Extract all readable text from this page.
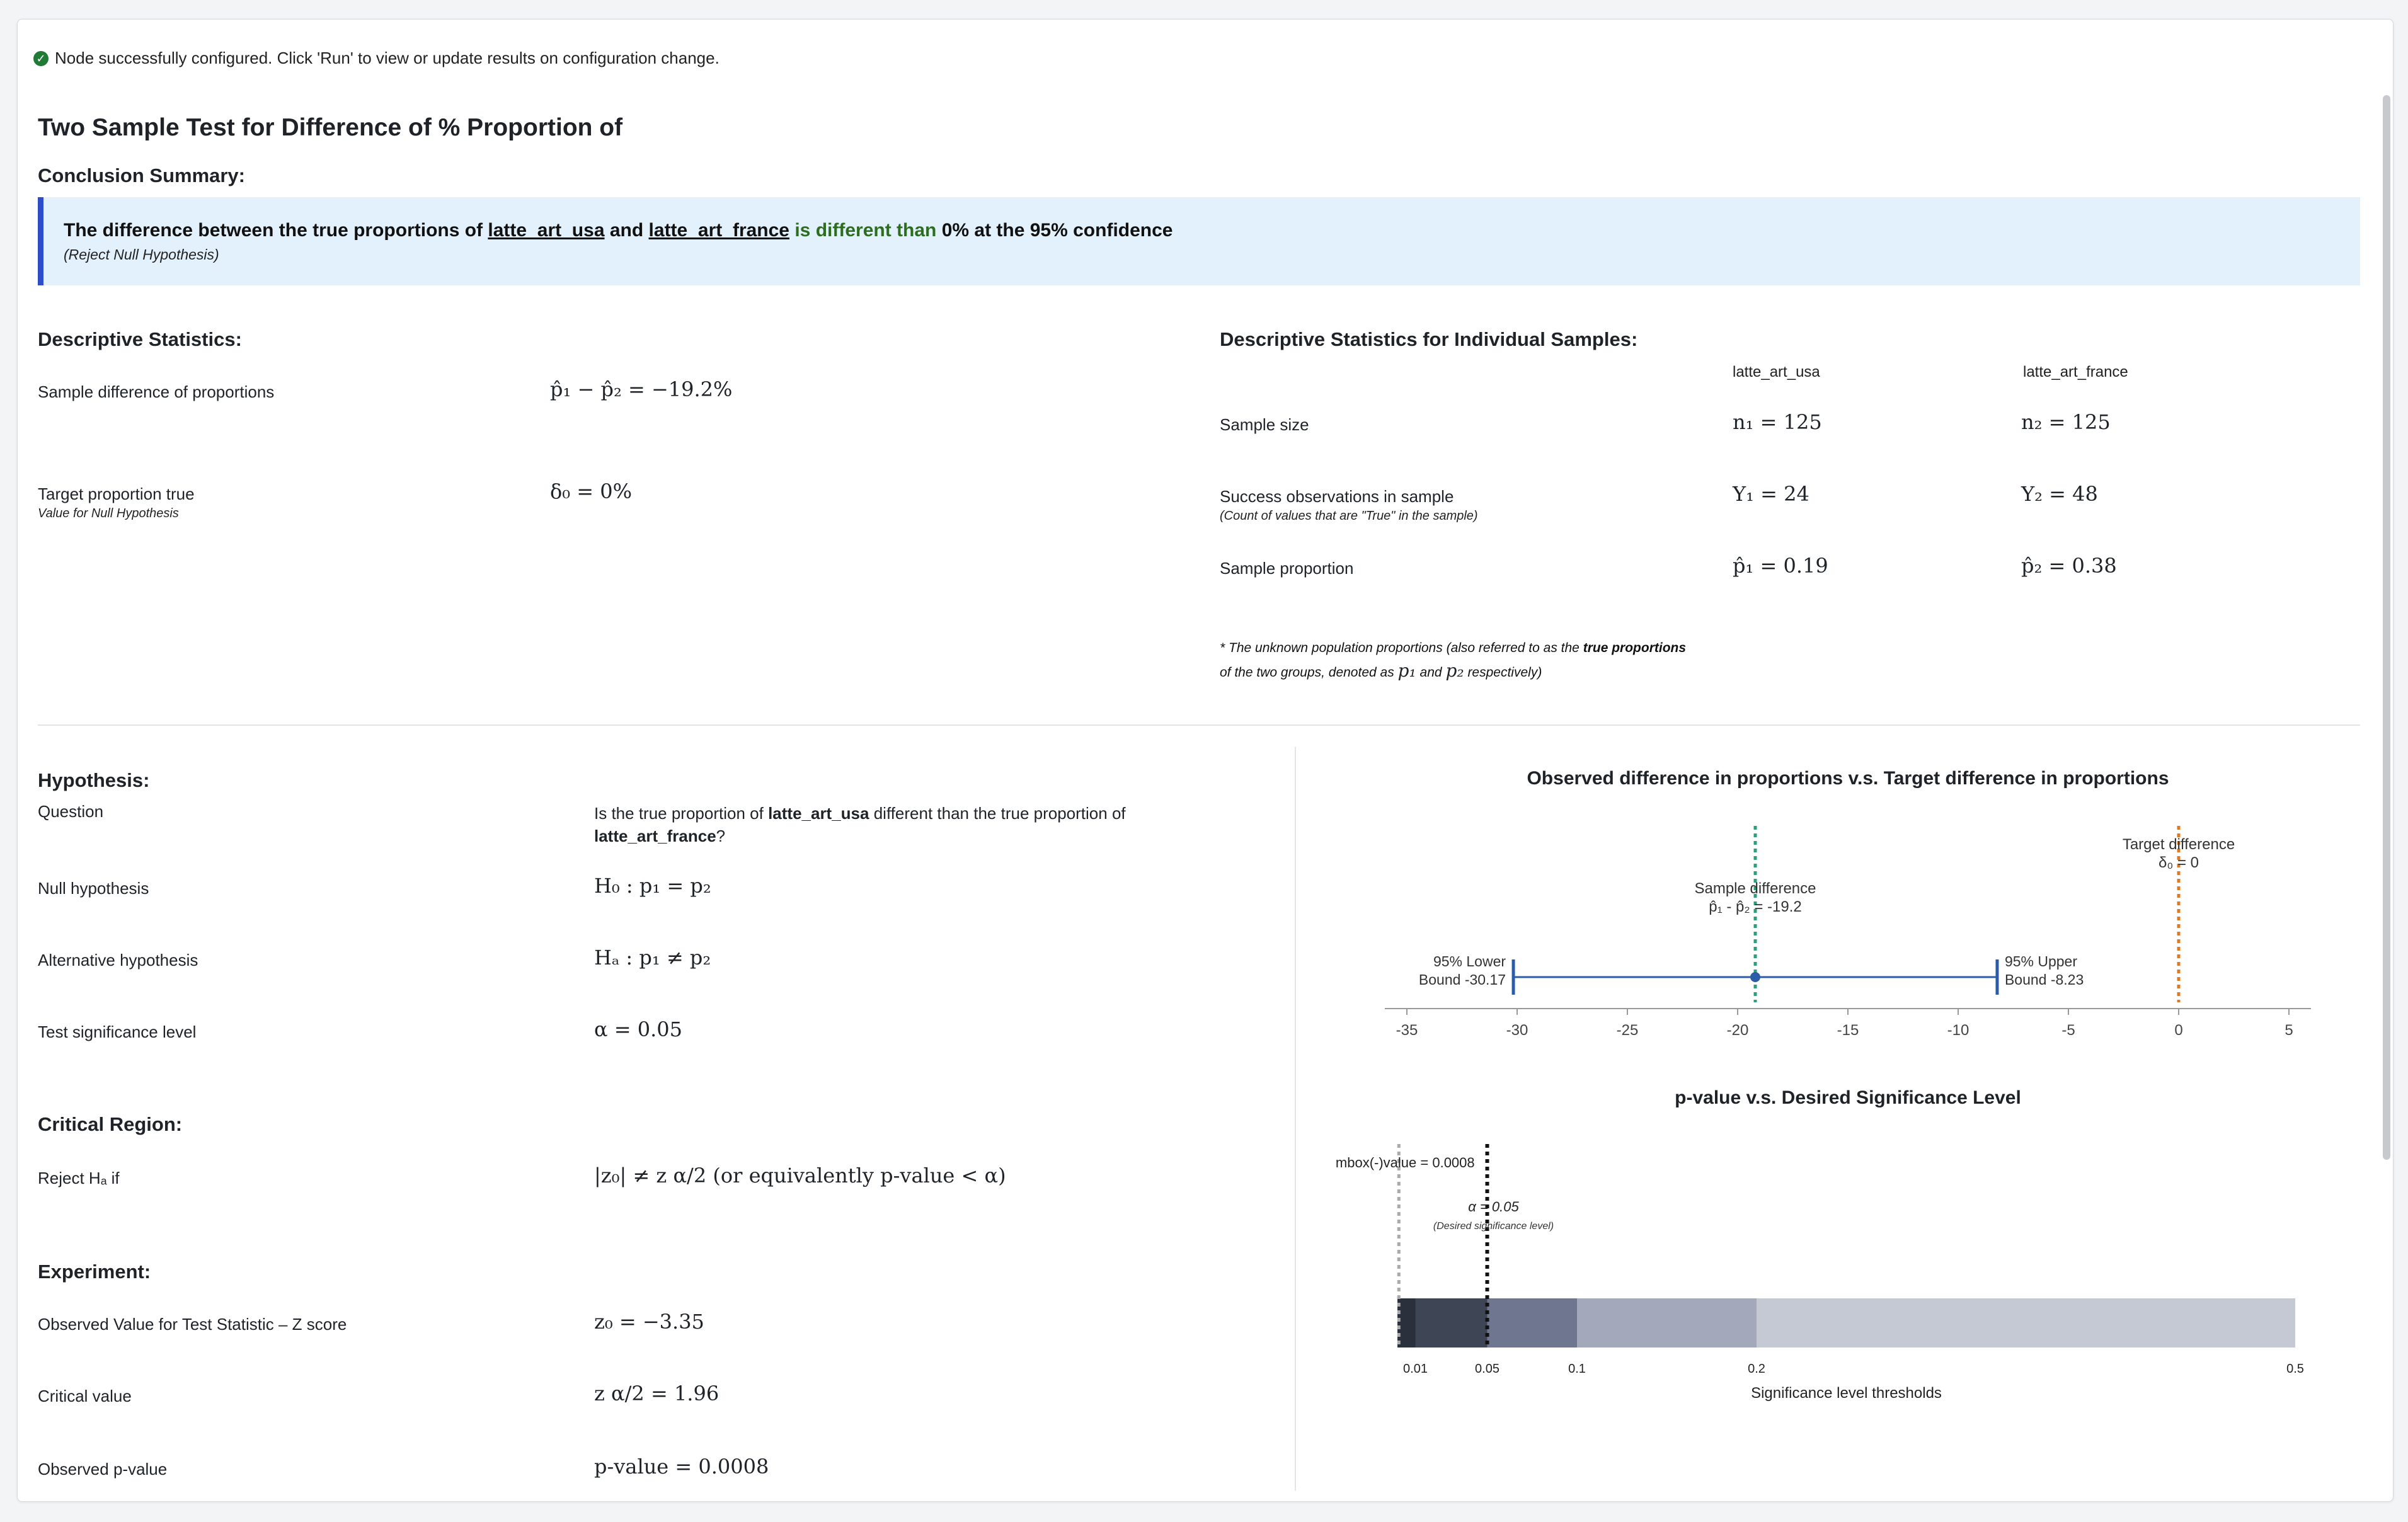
✓ Node successfully configured. Click 'Run' to view or update results on configuration change.
Two Sample Test for Difference of % Proportion of
Conclusion Summary:
The difference between the true proportions of latte_art_usa and latte_art_france is different than 0% at the 95% confidence
(Reject Null Hypothesis)
Descriptive Statistics:
Sample difference of proportions	p̂₁ − p̂₂ = −19.2%
Target proportion true
Value for Null Hypothesis
δ₀ = 0%
Descriptive Statistics for Individual Samples:
latte_art_usa	latte_art_france
Sample size	n₁ = 125	n₂ = 125
Success observations in sample
(Count of values that are "True" in the sample)
Y₁ = 24	Y₂ = 48
Sample proportion	p̂₁ = 0.19	p̂₂ = 0.38
* The unknown population proportions (also referred to as the true proportions of the two groups, denoted as p₁ and p₂ respectively)
Hypothesis:
Question	Is the true proportion of latte_art_usa different than the true proportion of latte_art_france?
Null hypothesis	H₀ : p₁ = p₂
Alternative hypothesis	Hₐ : p₁ ≠ p₂
Test significance level	α = 0.05
Critical Region:
Reject Hₐ if	|z₀| ≠ z α/2 (or equivalently p-value < α)
Experiment:
Observed Value for Test Statistic – Z score	z₀ = −3.35
Critical value	z α/2 = 1.96
Observed p-value	p-value = 0.0008
Observed difference in proportions v.s. Target difference in proportions
-35	-30	-25	-20	-15	-10	-5	0	5
Sample difference
p̂₁ - p̂₂ = -19.2
Target difference
δ₀ = 0
95% Lower
Bound -30.17
95% Upper
Bound -8.23
p-value v.s. Desired Significance Level
0.01	0.05	0.1	0.2	0.5
Significance level thresholds
mbox(-)value = 0.0008
α = 0.05
(Desired significance level)
